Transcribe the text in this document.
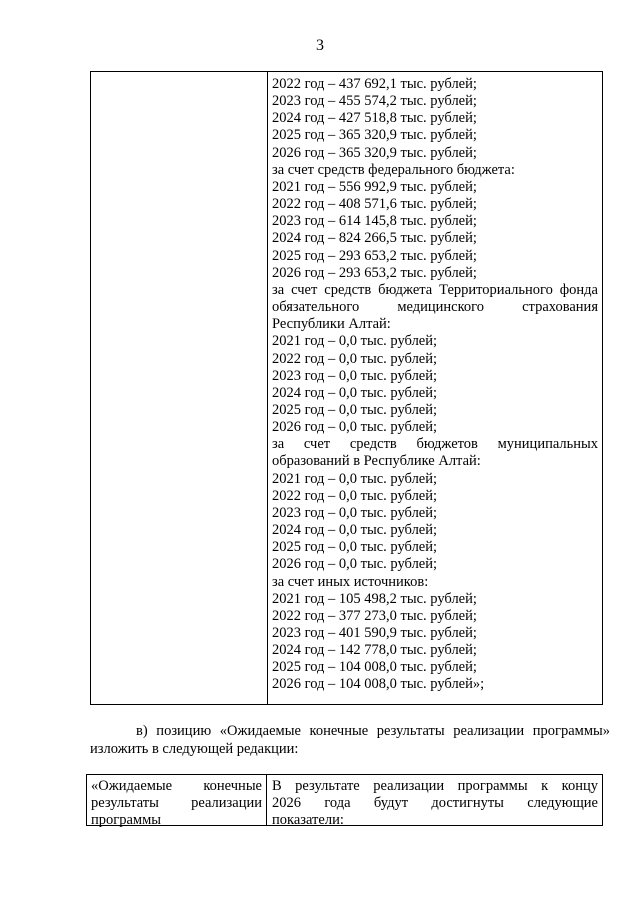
3
2022 год – 437 692,1 тыс. рублей;
2023 год – 455 574,2 тыс. рублей;
2024 год – 427 518,8 тыс. рублей;
2025 год – 365 320,9 тыс. рублей;
2026 год – 365 320,9 тыс. рублей;
за счет средств федерального бюджета:
2021 год – 556 992,9 тыс. рублей;
2022 год – 408 571,6 тыс. рублей;
2023 год – 614 145,8 тыс. рублей;
2024 год – 824 266,5 тыс. рублей;
2025 год – 293 653,2 тыс. рублей;
2026 год – 293 653,2 тыс. рублей;
за счет средств бюджета Территориального фонда
обязательного медицинского страхования
Республики Алтай:
2021 год – 0,0 тыс. рублей;
2022 год – 0,0 тыс. рублей;
2023 год – 0,0 тыс. рублей;
2024 год – 0,0 тыс. рублей;
2025 год – 0,0 тыс. рублей;
2026 год – 0,0 тыс. рублей;
за счет средств бюджетов муниципальных
образований в Республике Алтай:
2021 год – 0,0 тыс. рублей;
2022 год – 0,0 тыс. рублей;
2023 год – 0,0 тыс. рублей;
2024 год – 0,0 тыс. рублей;
2025 год – 0,0 тыс. рублей;
2026 год – 0,0 тыс. рублей;
за счет иных источников:
2021 год – 105 498,2 тыс. рублей;
2022 год – 377 273,0 тыс. рублей;
2023 год – 401 590,9 тыс. рублей;
2024 год – 142 778,0 тыс. рублей;
2025 год – 104 008,0 тыс. рублей;
2026 год – 104 008,0 тыс. рублей»;
в) позицию «Ожидаемые конечные результаты реализации программы»
изложить в следующей редакции:
«Ожидаемые конечные
результаты реализации
программы
В результате реализации программы к концу
2026 года будут достигнуты следующие
показатели:
